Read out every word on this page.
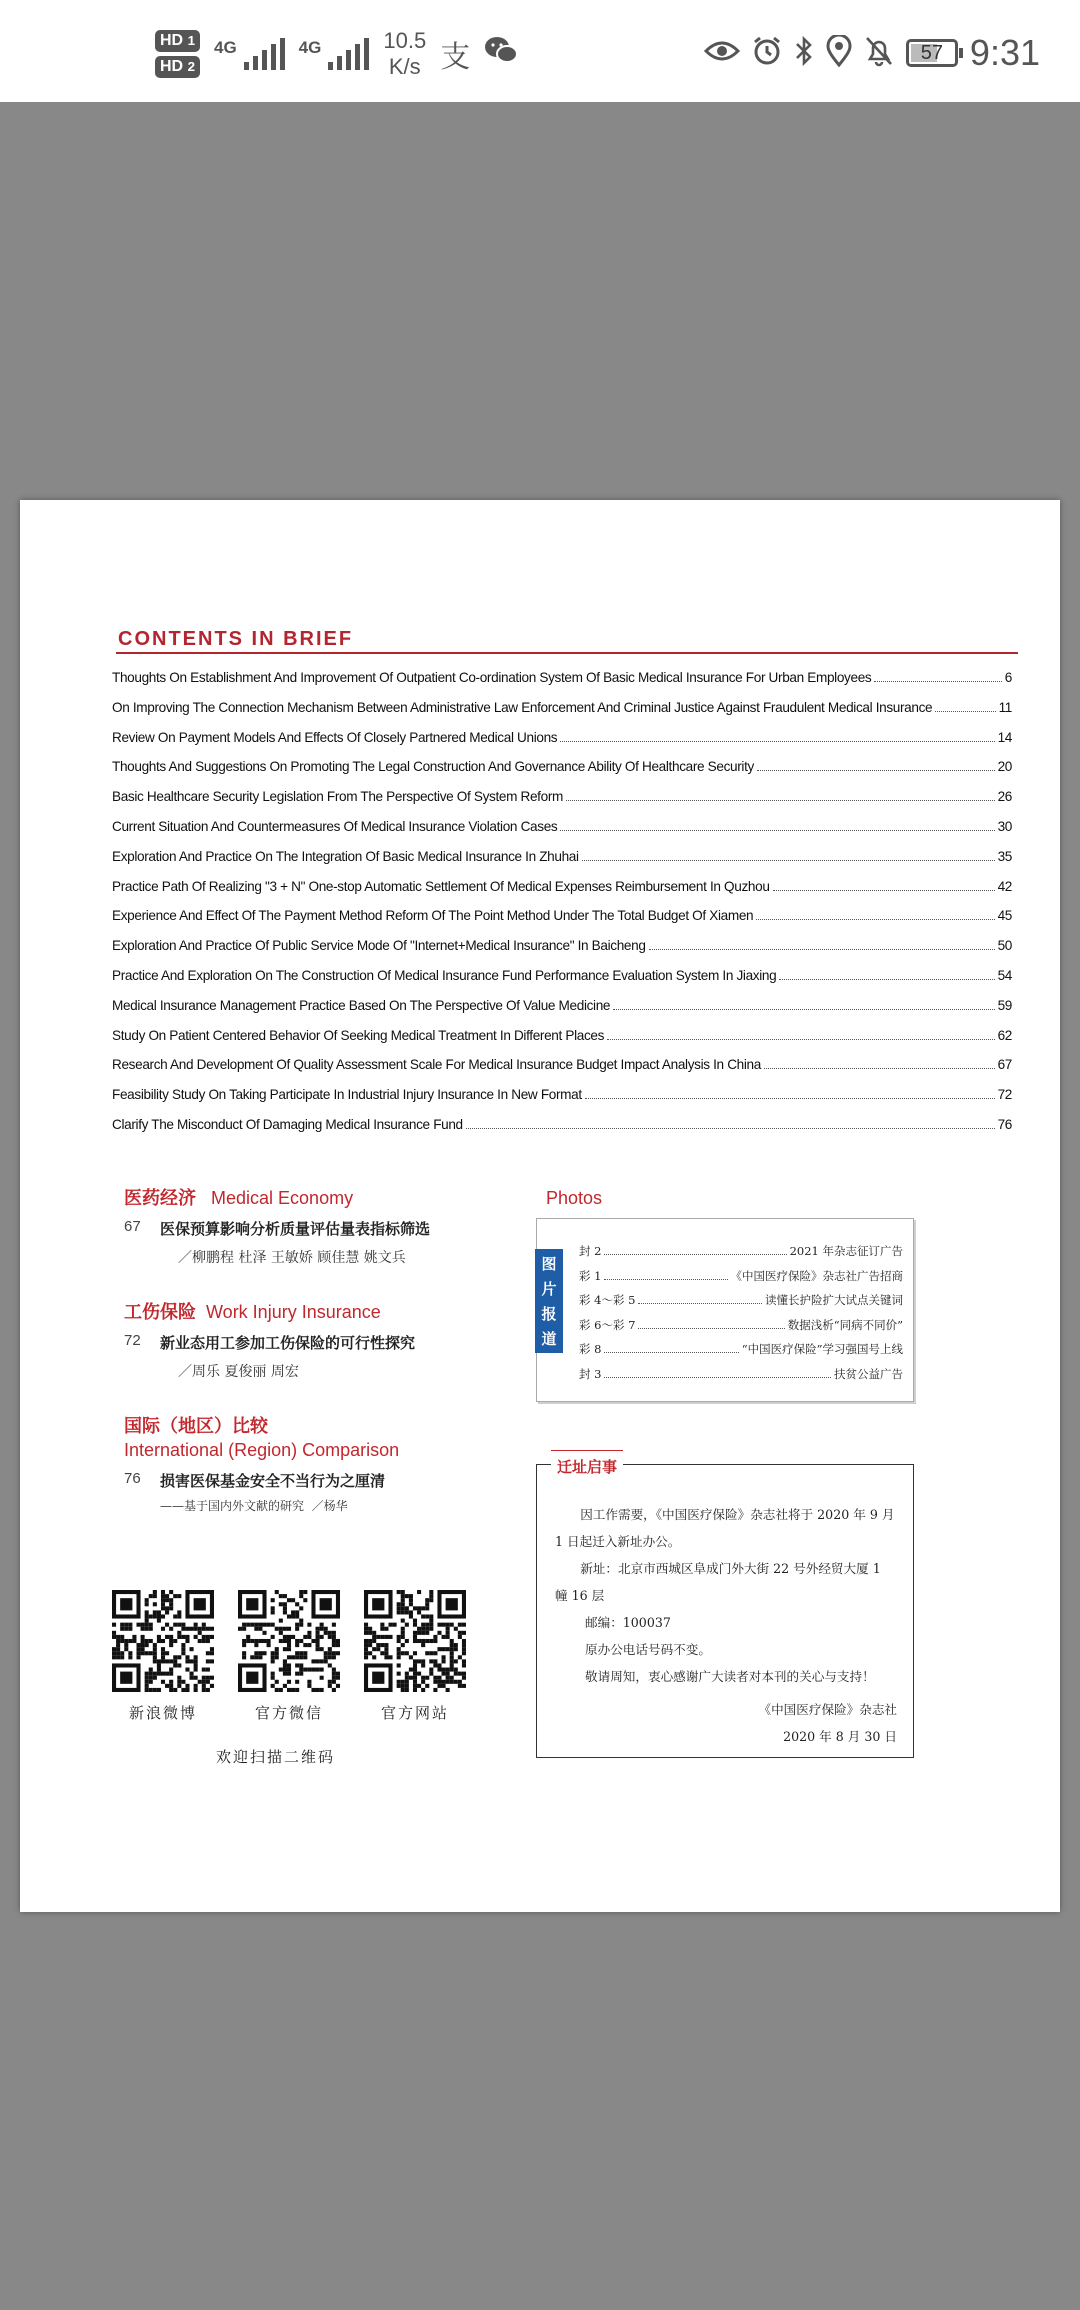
HD 1
HD 2
4G	4G	10.5
K/s 支	57 9:31
CONTENTS IN BRIEF
Thoughts On Establishment And Improvement Of Outpatient Co-ordination System Of Basic Medical Insurance For Urban Employees	6
On Improving The Connection Mechanism Between Administrative Law Enforcement And Criminal Justice Against Fraudulent Medical Insurance	11
Review On Payment Models And Effects Of Closely Partnered Medical Unions	14
Thoughts And Suggestions On Promoting The Legal Construction And Governance Ability Of Healthcare Security	20
Basic Healthcare Security Legislation From The Perspective Of System Reform	26
Current Situation And Countermeasures Of Medical Insurance Violation Cases	30
Exploration And Practice On The Integration Of Basic Medical Insurance In Zhuhai	35
Practice Path Of Realizing "3 + N" One-stop Automatic Settlement Of Medical Expenses Reimbursement In Quzhou	42
Experience And Effect Of The Payment Method Reform Of The Point Method Under The Total Budget Of Xiamen	45
Exploration And Practice Of Public Service Mode Of "Internet+Medical Insurance" In Baicheng	50
Practice And Exploration On The Construction Of Medical Insurance Fund Performance Evaluation System In Jiaxing	54
Medical Insurance Management Practice Based On The Perspective Of Value Medicine	59
Study On Patient Centered Behavior Of Seeking Medical Treatment In Different Places	62
Research And Development Of Quality Assessment Scale For Medical Insurance Budget Impact Analysis In China	67
Feasibility Study On Taking Participate In Industrial Injury Insurance In New Format	72
Clarify The Misconduct Of Damaging Medical Insurance Fund	76
医药经济 Medical Economy
67	医保预算影响分析质量评估量表指标筛选
／柳鹏程 杜泽 王敏娇 顾佳慧 姚文兵
工伤保险 Work Injury Insurance
72	新业态用工参加工伤保险的可行性探究
／周乐 夏俊丽 周宏
国际（地区）比较
International (Region) Comparison
76	损害医保基金安全不当行为之厘清
——基于国内外文献的研究 ／杨华
新浪微博	官方微信	官方网站
欢迎扫描二维码
Photos
图
片
报
道
封 2	2021 年杂志征订广告
彩 1	《中国医疗保险》杂志社广告招商
彩 4～彩 5	读懂长护险扩大试点关键词
彩 6～彩 7	数据浅析“同病不同价”
彩 8	“中国医疗保险”学习强国号上线
封 3	扶贫公益广告
迁址启事

因工作需要，《中国医疗保险》杂志社将于 2020 年 9 月 1 日起迁入新址办公。

新址：北京市西城区阜成门外大街 22 号外经贸大厦 1 幢 16 层

邮编：100037

原办公电话号码不变。

敬请周知，衷心感谢广大读者对本刊的关心与支持！

《中国医疗保险》杂志社

2020 年 8 月 30 日
